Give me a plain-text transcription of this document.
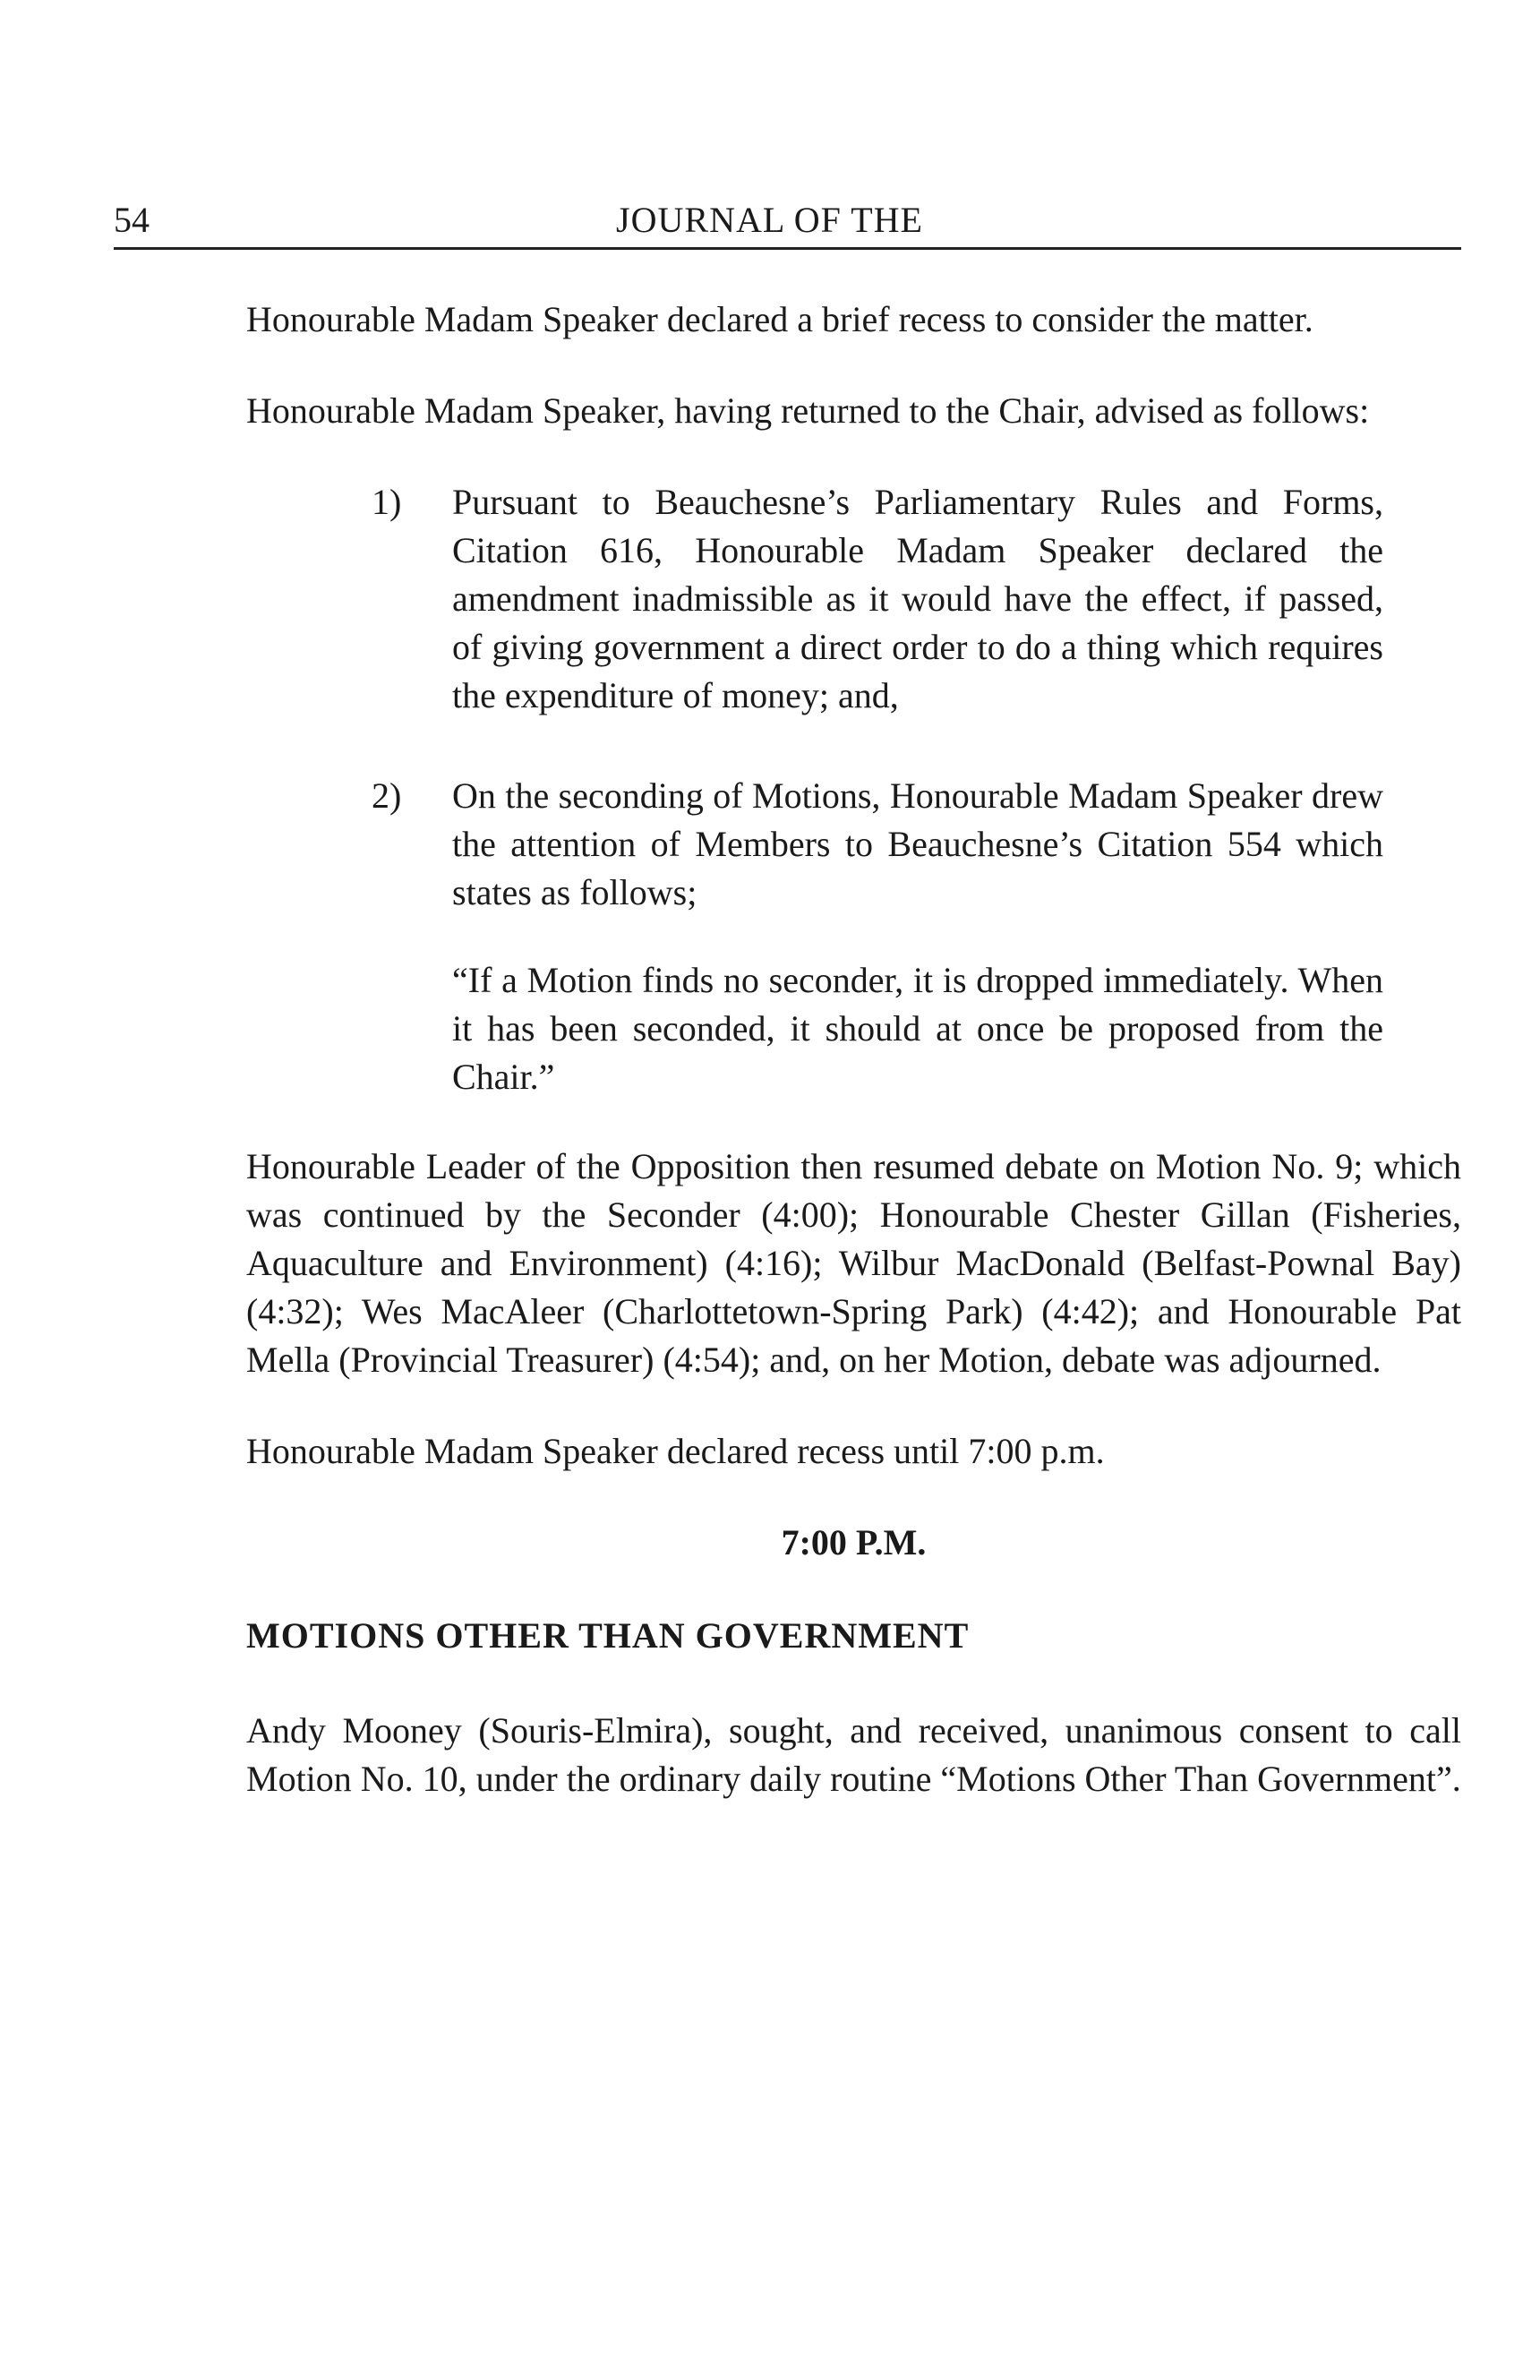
54	JOURNAL OF THE

Honourable Madam Speaker declared a brief recess to consider the matter.

Honourable Madam Speaker, having returned to the Chair, advised as follows:

1) Pursuant to Beauchesne’s Parliamentary Rules and Forms, Citation 616, Honourable Madam Speaker declared the amendment inadmissible as it would have the effect, if passed, of giving government a direct order to do a thing which requires the expenditure of money; and,

2) On the seconding of Motions, Honourable Madam Speaker drew the attention of Members to Beauchesne’s Citation 554 which states as follows;

“If a Motion finds no seconder, it is dropped immediately. When it has been seconded, it should at once be proposed from the Chair.”

Honourable Leader of the Opposition then resumed debate on Motion No. 9; which was continued by the Seconder (4:00); Honourable Chester Gillan (Fisheries, Aquaculture and Environment) (4:16); Wilbur MacDonald (Belfast-Pownal Bay) (4:32); Wes MacAleer (Charlottetown-Spring Park) (4:42); and Honourable Pat Mella (Provincial Treasurer) (4:54); and, on her Motion, debate was adjourned.

Honourable Madam Speaker declared recess until 7:00 p.m.

7:00 P.M.

MOTIONS OTHER THAN GOVERNMENT

Andy Mooney (Souris-Elmira), sought, and received, unanimous consent to call Motion No. 10, under the ordinary daily routine “Motions Other Than Government”.
